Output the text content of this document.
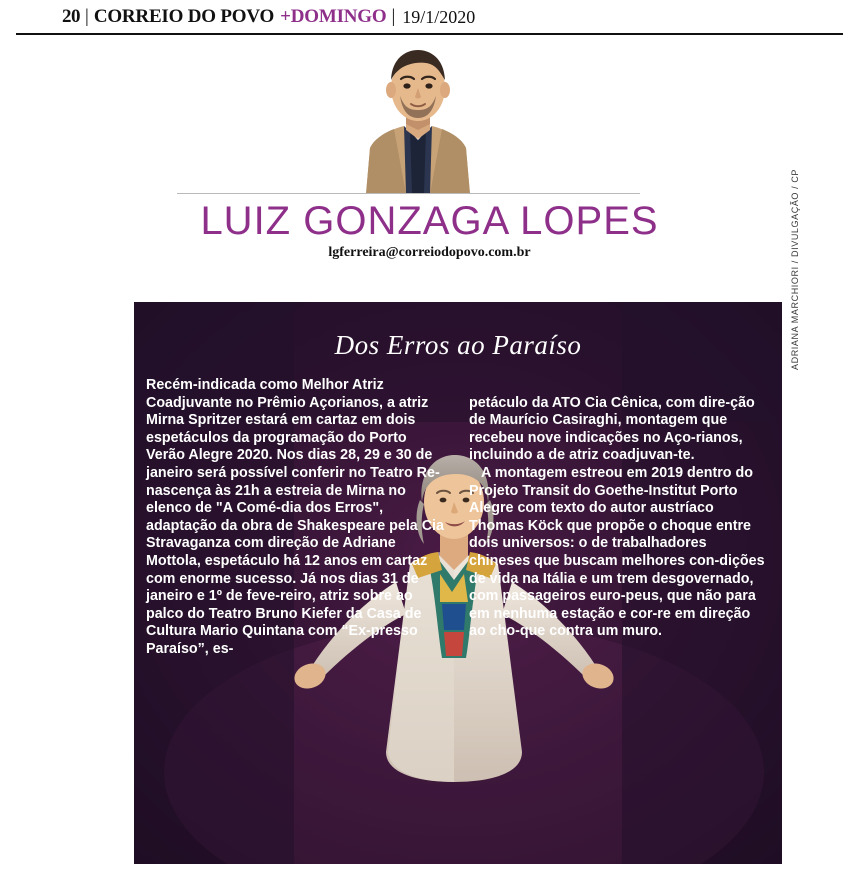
20 | CORREIO DO POVO +DOMINGO | 19/1/2020
LUIZ GONZAGA LOPES
lgferreira@correiodopovo.com.br
Dos Erros ao Paraíso
Recém-indicada como Melhor Atriz Coadjuvante no Prêmio Açorianos, a atriz Mirna Spritzer estará em cartaz em dois espetáculos da programação do Porto Verão Alegre 2020. Nos dias 28, 29 e 30 de janeiro será possível conferir no Teatro Re-nascença às 21h a estreia de Mirna no elenco de "A Comé-dia dos Erros", adaptação da obra de Shakespeare pela Cia Stravaganza com direção de Adriane Mottola, espetáculo há 12 anos em cartaz com enorme sucesso. Já nos dias 31 de janeiro e 1º de feve-reiro, atriz sobre ao palco do Teatro Bruno Kiefer da Casa de Cultura Mario Quintana com “Ex-presso Paraíso”, es-

petáculo da ATO Cia Cênica, com dire-ção de Maurício Casiraghi, montagem que recebeu nove indicações no Aço-rianos, incluindo a de atriz coadjuvan-te.

A montagem estreou em 2019 dentro do Projeto Transit do Goethe-Institut Porto Alegre com texto do autor austríaco Thomas Köck que propõe o choque entre dois universos: o de trabalhadores chineses que buscam melhores con-dições de vida na Itália e um trem desgovernado, com passageiros euro-peus, que não para em nenhuma estação e cor-re em direção ao cho-que contra um muro.

ADRIANA MARCHIORI / DIVULGAÇÃO / CP
